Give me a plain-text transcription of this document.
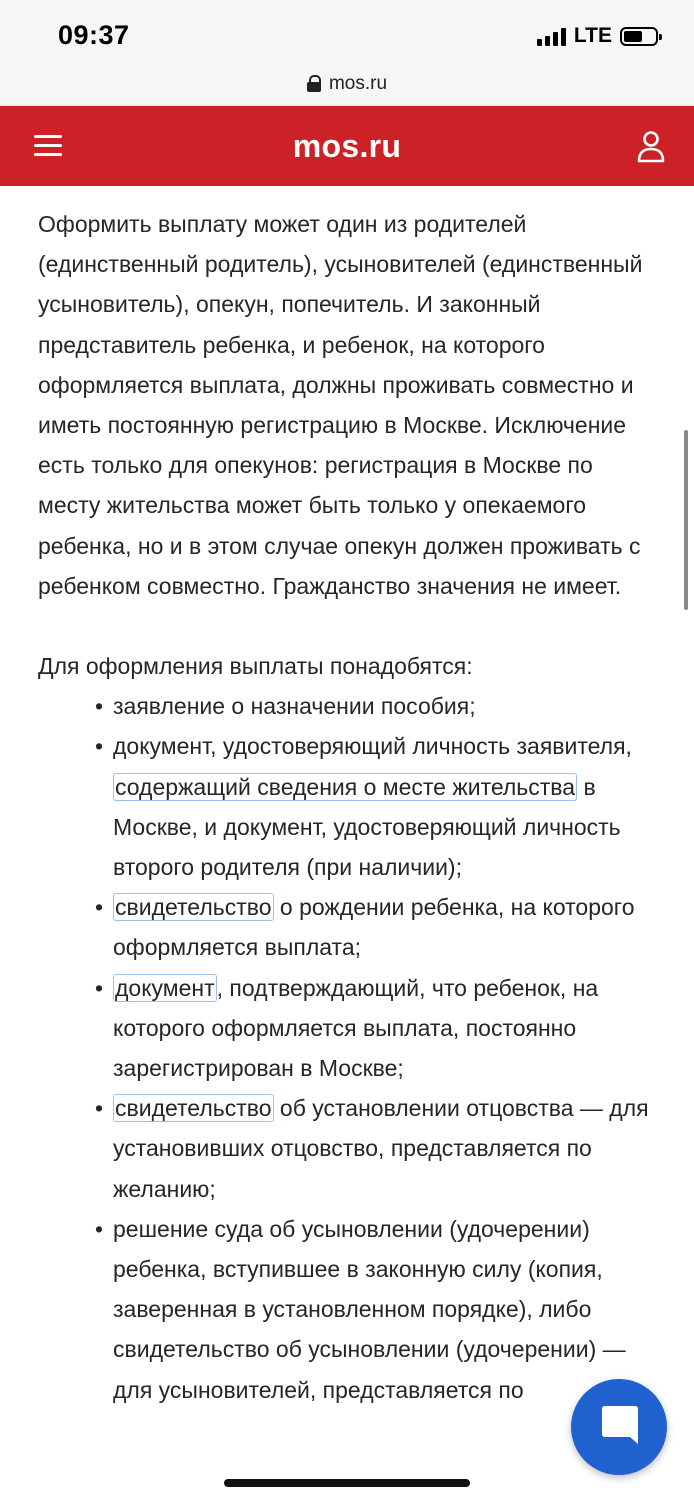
09:37	LTE
mos.ru
mos.ru

Оформить выплату может один из родителей (единственный родитель), усыновителей (единственный усыновитель), опекун, попечитель. И законный представитель ребенка, и ребенок, на которого оформляется выплата, должны проживать совместно и иметь постоянную регистрацию в Москве. Исключение есть только для опекунов: регистрация в Москве по месту жительства может быть только у опекаемого ребенка, но и в этом случае опекун должен проживать с ребенком совместно. Гражданство значения не имеет.

Для оформления выплаты понадобятся:

• заявление о назначении пособия;
• документ, удостоверяющий личность заявителя, содержащий сведения о месте жительства в Москве, и документ, удостоверяющий личность второго родителя (при наличии);
• свидетельство о рождении ребенка, на которого оформляется выплата;
• документ, подтверждающий, что ребенок, на которого оформляется выплата, постоянно зарегистрирован в Москве;
• свидетельство об установлении отцовства — для установивших отцовство, представляется по желанию;
• решение суда об усыновлении (удочерении) ребенка, вступившее в законную силу (копия, заверенная в установленном порядке), либо свидетельство об усыновлении (удочерении) — для усыновителей, представляется по
